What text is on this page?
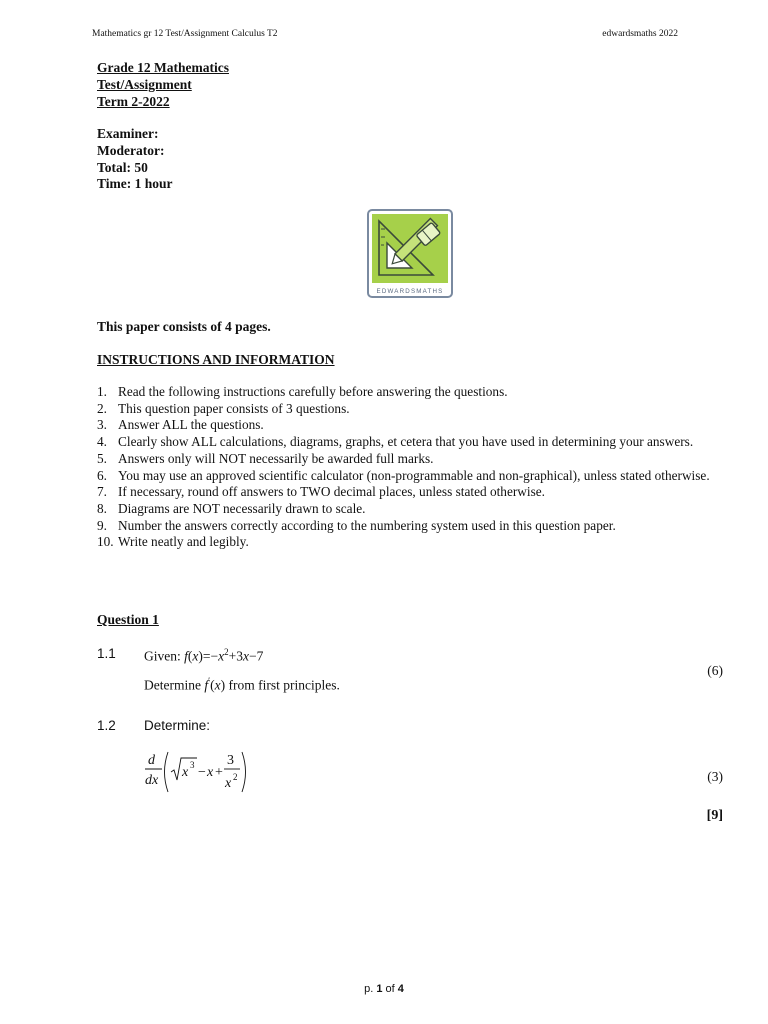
Mathematics gr 12 Test/Assignment Calculus T2	edwardsmaths 2022
Grade 12 Mathematics
Test/Assignment
Term 2-2022
Examiner:
Moderator:
Total: 50
Time: 1 hour
EDWARDSMATHS
This paper consists of 4 pages.
INSTRUCTIONS AND INFORMATION
1. Read the following instructions carefully before answering the questions.
2. This question paper consists of 3 questions.
3. Answer ALL the questions.
4. Clearly show ALL calculations, diagrams, graphs, et cetera that you have used in determining your answers.
5. Answers only will NOT necessarily be awarded full marks.
6. You may use an approved scientific calculator (non-programmable and non-graphical), unless stated otherwise.
7. If necessary, round off answers to TWO decimal places, unless stated otherwise.
8. Diagrams are NOT necessarily drawn to scale.
9. Number the answers correctly according to the numbering system used in this question paper.
10. Write neatly and legibly.
Question 1
1.1 Given: $f(x)=-x^2+3x-7$
(6)
Determine f′(x) from first principles.
1.2 Determine:
d
dx
x 3 − x +
3
x 2	(3)
[9]
p. 1 of 4
